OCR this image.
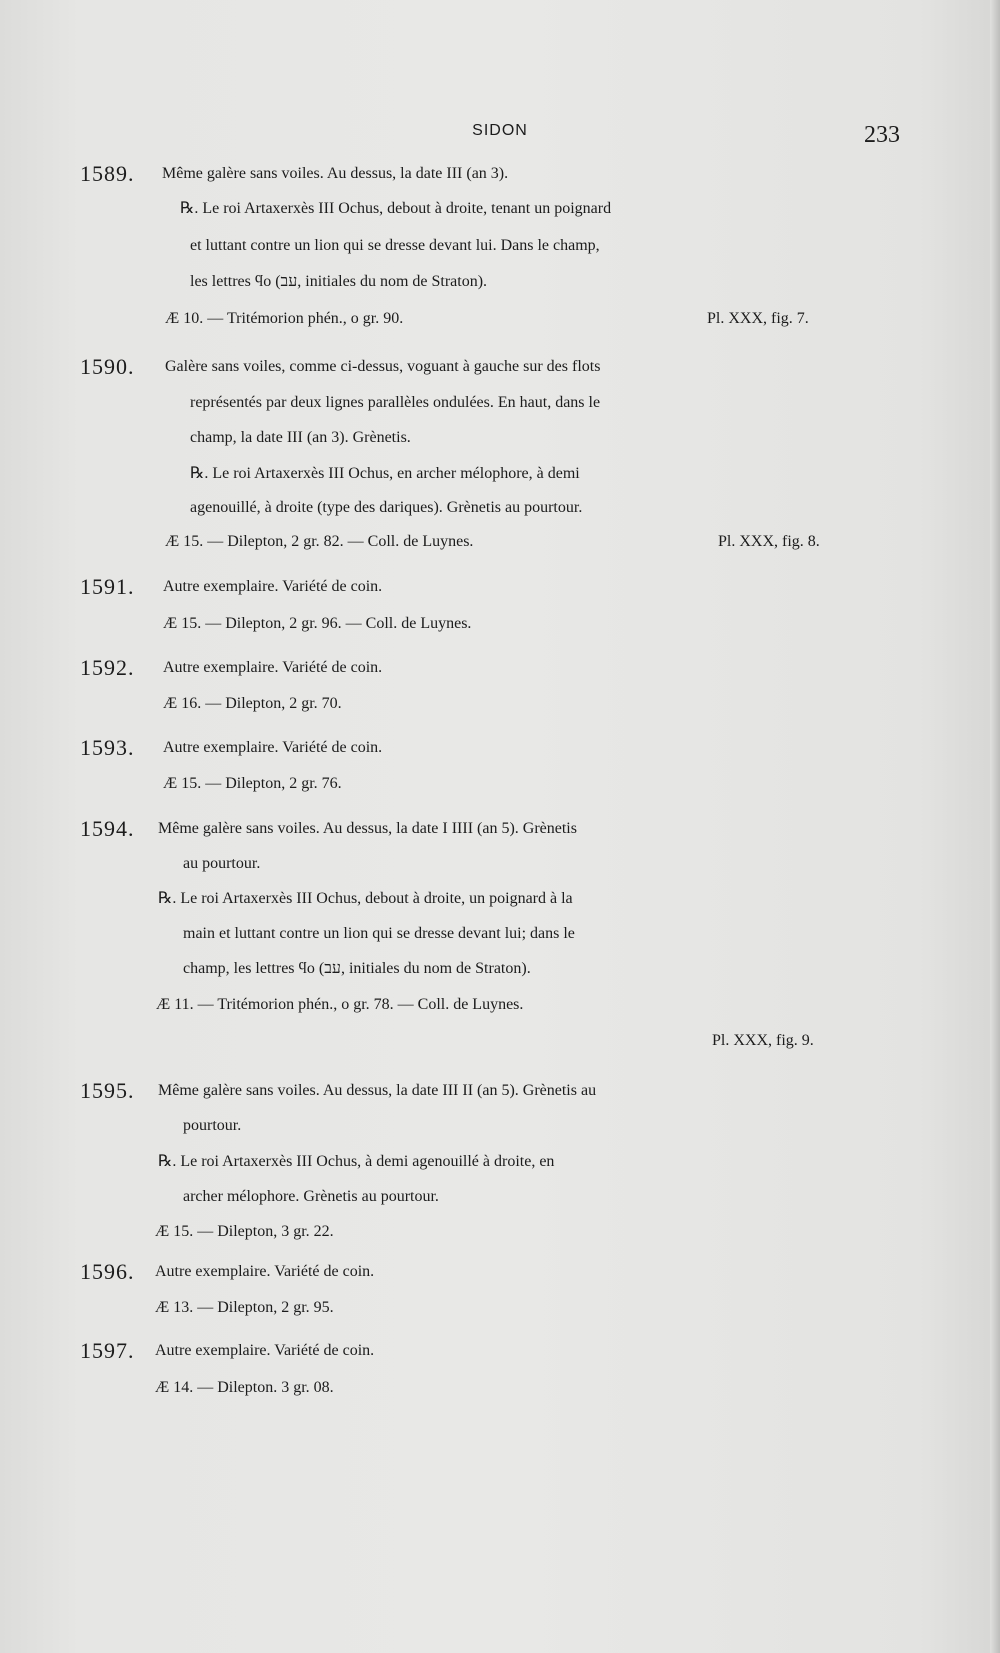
SIDON	233
1589. Même galère sans voiles. Au dessus, la date III (an 3).
℞. Le roi Artaxerxès III Ochus, debout à droite, tenant un poignard
et luttant contre un lion qui se dresse devant lui. Dans le champ,
les lettres ϥo (עב, initiales du nom de Straton).
Æ 10. — Tritémorion phén., o gr. 90.	Pl. XXX, fig. 7.
1590. Galère sans voiles, comme ci-dessus, voguant à gauche sur des flots
représentés par deux lignes parallèles ondulées. En haut, dans le
champ, la date III (an 3). Grènetis.
℞. Le roi Artaxerxès III Ochus, en archer mélophore, à demi
agenouillé, à droite (type des dariques). Grènetis au pourtour.
Æ 15. — Dilepton, 2 gr. 82. — Coll. de Luynes.	Pl. XXX, fig. 8.
1591. Autre exemplaire. Variété de coin.
Æ 15. — Dilepton, 2 gr. 96. — Coll. de Luynes.
1592. Autre exemplaire. Variété de coin.
Æ 16. — Dilepton, 2 gr. 70.
1593. Autre exemplaire. Variété de coin.
Æ 15. — Dilepton, 2 gr. 76.
1594. Même galère sans voiles. Au dessus, la date I IIII (an 5). Grènetis
au pourtour.
℞. Le roi Artaxerxès III Ochus, debout à droite, un poignard à la
main et luttant contre un lion qui se dresse devant lui; dans le
champ, les lettres ϥo (עב, initiales du nom de Straton).
Æ 11. — Tritémorion phén., o gr. 78. — Coll. de Luynes.
Pl. XXX, fig. 9.
1595. Même galère sans voiles. Au dessus, la date III II (an 5). Grènetis au
pourtour.
℞. Le roi Artaxerxès III Ochus, à demi agenouillé à droite, en
archer mélophore. Grènetis au pourtour.
Æ 15. — Dilepton, 3 gr. 22.
1596. Autre exemplaire. Variété de coin.
Æ 13. — Dilepton, 2 gr. 95.
1597. Autre exemplaire. Variété de coin.
Æ 14. — Dilepton. 3 gr. 08.
